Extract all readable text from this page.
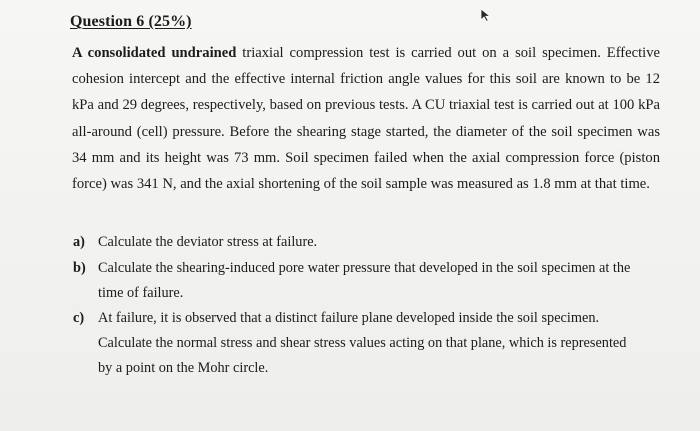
Question 6 (25%)

A consolidated undrained triaxial compression test is carried out on a soil specimen. Effective cohesion intercept and the effective internal friction angle values for this soil are known to be 12 kPa and 29 degrees, respectively, based on previous tests. A CU triaxial test is carried out at 100 kPa all-around (cell) pressure. Before the shearing stage started, the diameter of the soil specimen was 34 mm and its height was 73 mm. Soil specimen failed when the axial compression force (piston force) was 341 N, and the axial shortening of the soil sample was measured as 1.8 mm at that time.

a) Calculate the deviator stress at failure.
b) Calculate the shearing-induced pore water pressure that developed in the soil specimen at the time of failure.
c) At failure, it is observed that a distinct failure plane developed inside the soil specimen. Calculate the normal stress and shear stress values acting on that plane, which is represented by a point on the Mohr circle.
